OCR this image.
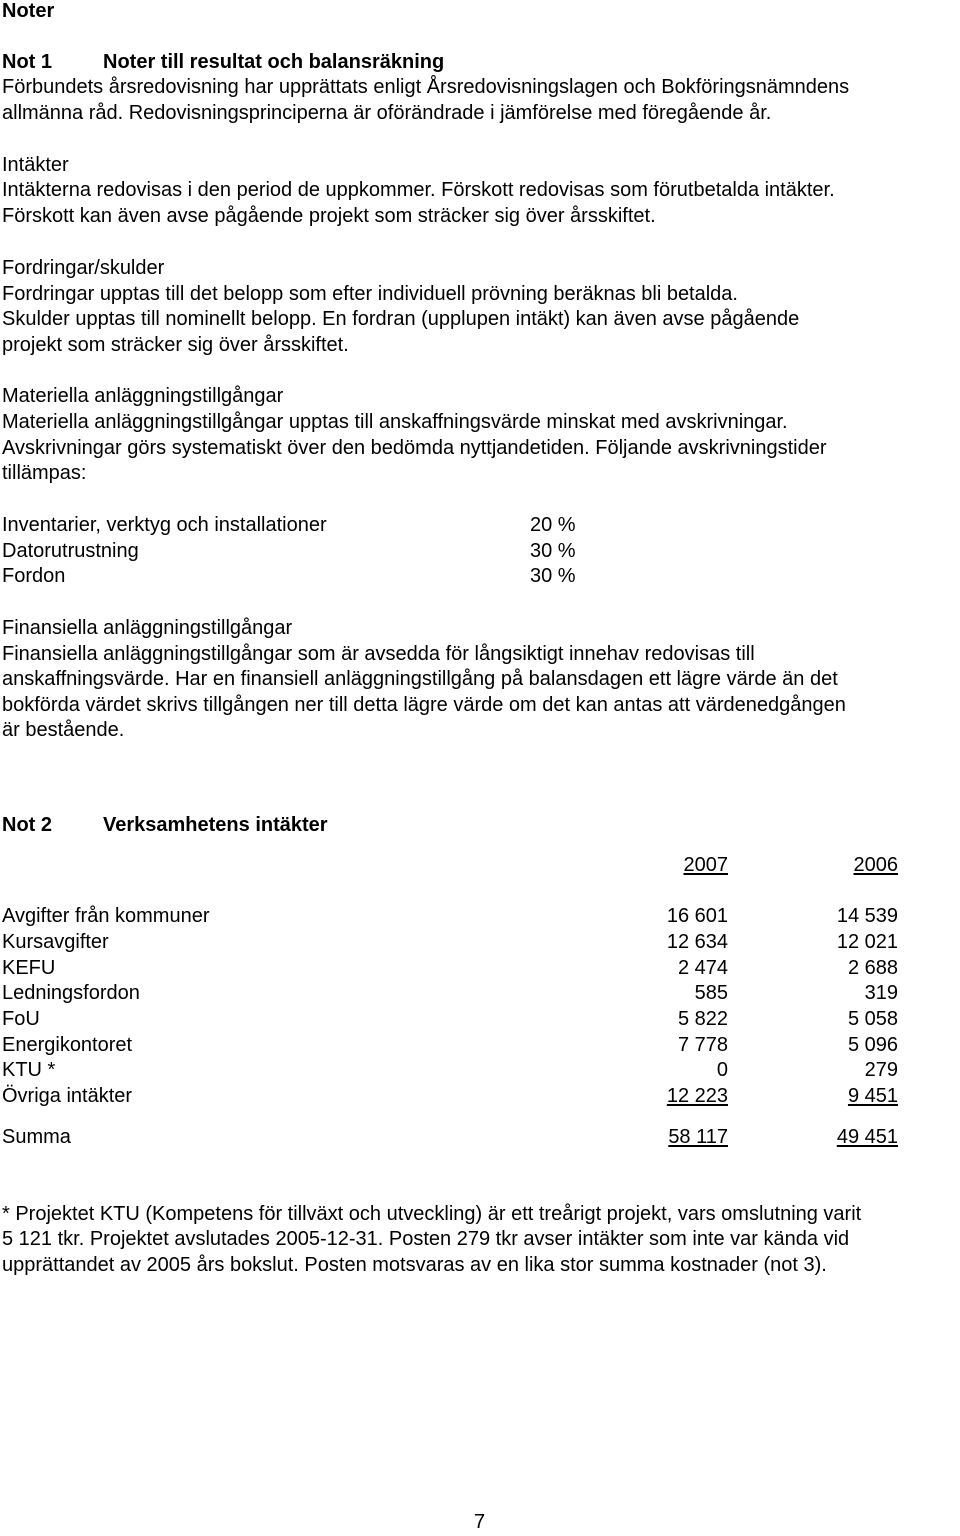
Noter
Not 1	Noter till resultat och balansräkning
Förbundets årsredovisning har upprättats enligt Årsredovisningslagen och Bokföringsnämndens
allmänna råd. Redovisningsprinciperna är oförändrade i jämförelse med föregående år.
Intäkter
Intäkterna redovisas i den period de uppkommer. Förskott redovisas som förutbetalda intäkter.
Förskott kan även avse pågående projekt som sträcker sig över årsskiftet.
Fordringar/skulder
Fordringar upptas till det belopp som efter individuell prövning beräknas bli betalda.
Skulder upptas till nominellt belopp. En fordran (upplupen intäkt) kan även avse pågående
projekt som sträcker sig över årsskiftet.
Materiella anläggningstillgångar
Materiella anläggningstillgångar upptas till anskaffningsvärde minskat med avskrivningar.
Avskrivningar görs systematiskt över den bedömda nyttjandetiden. Följande avskrivningstider
tillämpas:
Inventarier, verktyg och installationer	20 %
Datorutrustning	30 %
Fordon	30 %
Finansiella anläggningstillgångar
Finansiella anläggningstillgångar som är avsedda för långsiktigt innehav redovisas till
anskaffningsvärde. Har en finansiell anläggningstillgång på balansdagen ett lägre värde än det
bokförda värdet skrivs tillgången ner till detta lägre värde om det kan antas att värdenedgången
är bestående.
Not 2	Verksamhetens intäkter
2007	2006
Avgifter från kommuner	16 601	14 539
Kursavgifter	12 634	12 021
KEFU	2 474	2 688
Ledningsfordon	585	319
FoU	5 822	5 058
Energikontoret	7 778	5 096
KTU *	0	279
Övriga intäkter	12 223	9 451
Summa	58 117	49 451
* Projektet KTU (Kompetens för tillväxt och utveckling) är ett treårigt projekt, vars omslutning varit
5 121 tkr. Projektet avslutades 2005-12-31. Posten 279 tkr avser intäkter som inte var kända vid
upprättandet av 2005 års bokslut. Posten motsvaras av en lika stor summa kostnader (not 3).
7
